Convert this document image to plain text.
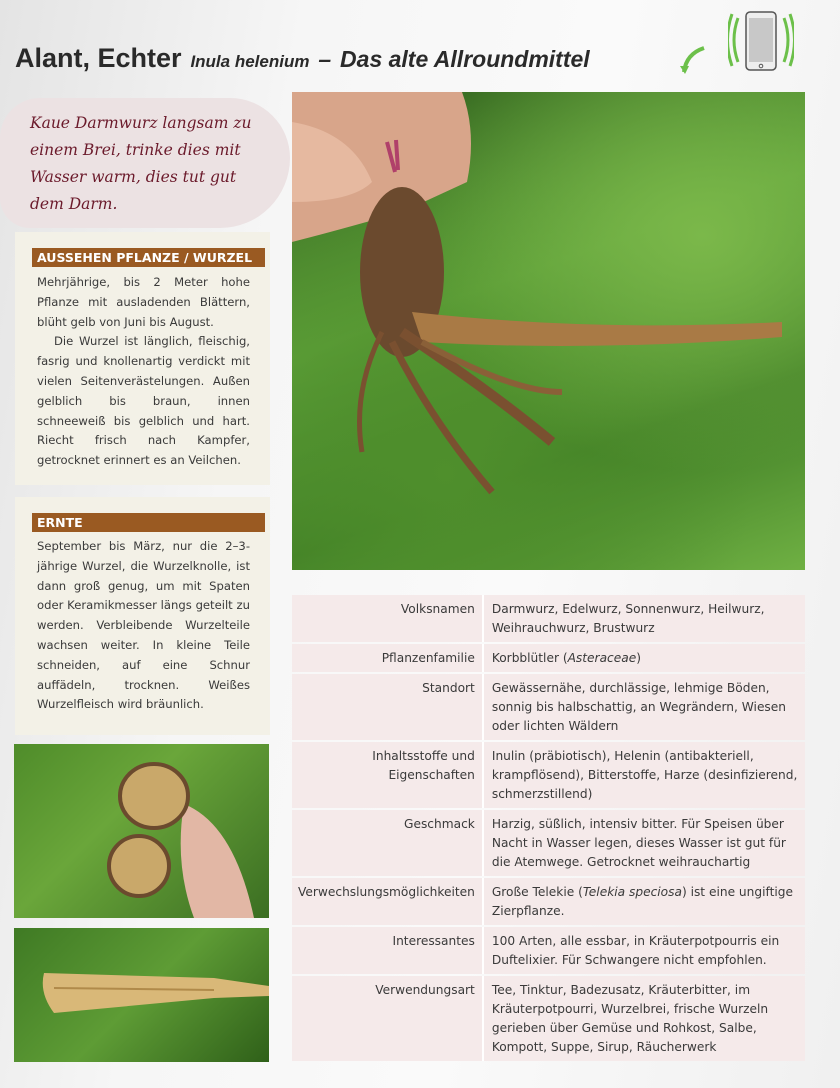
Alant, Echter Inula helenium – Das alte Allroundmittel

Kaue Darmwurz langsam zu einem Brei, trinke dies mit Wasser warm, dies tut gut dem Darm.

AUSSEHEN PFLANZE / WURZEL

Mehrjährige, bis 2 Meter hohe Pflanze mit ausladenden Blättern, blüht gelb von Juni bis August.

Die Wurzel ist länglich, fleischig, fasrig und knollenartig verdickt mit vielen Seitenverästelungen. Außen gelblich bis braun, innen schneeweiß bis gelblich und hart. Riecht frisch nach Kampfer, getrocknet erinnert es an Veilchen.

ERNTE

September bis März, nur die 2–3-jährige Wurzel, die Wurzelknolle, ist dann groß genug, um mit Spaten oder Keramikmesser längs geteilt zu werden. Verbleibende Wurzelteile wachsen weiter. In kleine Teile schneiden, auf eine Schnur auffädeln, trocknen. Weißes Wurzelfleisch wird bräunlich.

Volksnamen	Darmwurz, Edelwurz, Sonnenwurz, Heilwurz, Weihrauchwurz, Brustwurz
Pflanzenfamilie	Korbblütler (Asteraceae)
Standort	Gewässernähe, durchlässige, lehmige Böden, sonnig bis halbschattig, an Wegrändern, Wiesen oder lichten Wäldern
Inhaltsstoffe und Eigenschaften	Inulin (präbiotisch), Helenin (antibakteriell, krampflösend), Bitterstoffe, Harze (desinfizierend, schmerzstillend)
Geschmack	Harzig, süßlich, intensiv bitter. Für Speisen über Nacht in Wasser legen, dieses Wasser ist gut für die Atemwege. Getrocknet weihrauchartig
Verwechslungsmöglichkeiten	Große Telekie (Telekia speciosa) ist eine ungiftige Zierpflanze.
Interessantes	100 Arten, alle essbar, in Kräuterpotpourris ein Duftelixier. Für Schwangere nicht empfohlen.
Verwendungsart	Tee, Tinktur, Badezusatz, Kräuterbitter, im Kräuterpotpourri, Wurzelbrei, frische Wurzeln gerieben über Gemüse und Rohkost, Salbe, Kompott, Suppe, Sirup, Räucherwerk
